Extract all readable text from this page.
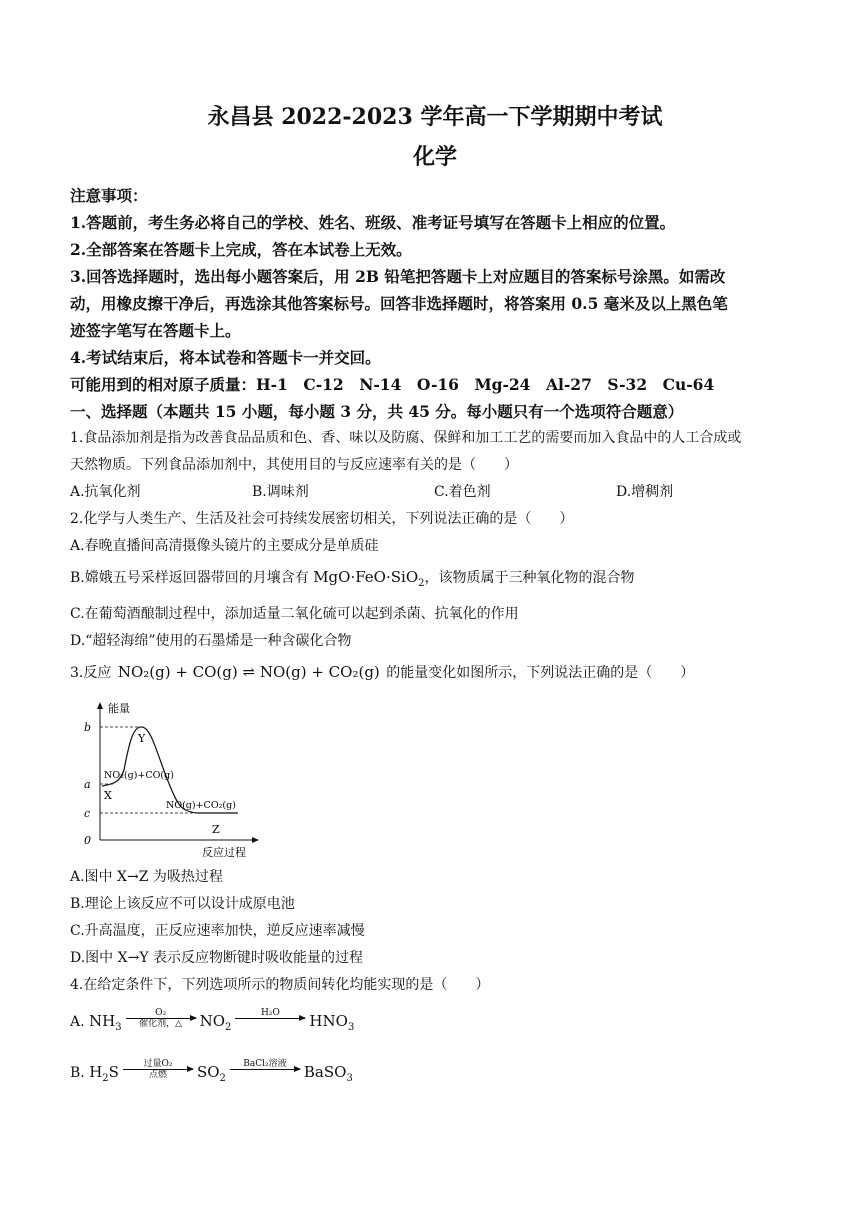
永昌县 2022-2023 学年高一下学期期中考试

化学

注意事项：

1.答题前，考生务必将自己的学校、姓名、班级、准考证号填写在答题卡上相应的位置。

2.全部答案在答题卡上完成，答在本试卷上无效。

3.回答选择题时，选出每小题答案后，用 2B 铅笔把答题卡上对应题目的答案标号涂黑。如需改

动，用橡皮擦干净后，再选涂其他答案标号。回答非选择题时，将答案用 0.5 毫米及以上黑色笔

迹签字笔写在答题卡上。

4.考试结束后，将本试卷和答题卡一并交回。

可能用到的相对原子质量：H-1　C-12　N-14　O-16　Mg-24　Al-27　S-32　Cu-64

一、选择题（本题共 15 小题，每小题 3 分，共 45 分。每小题只有一个选项符合题意）

1.食品添加剂是指为改善食品品质和色、香、味以及防腐、保鲜和加工工艺的需要而加入食品中的人工合成或

天然物质。下列食品添加剂中，其使用目的与反应速率有关的是（　　）

A.抗氧化剂	B.调味剂	C.着色剂	D.增稠剂

2.化学与人类生产、生活及社会可持续发展密切相关，下列说法正确的是（　　）

A.春晚直播间高清摄像头镜片的主要成分是单质硅

B.嫦娥五号采样返回器带回的月壤含有 MgO·FeO·SiO$_2$，该物质属于三种氧化物的混合物

C.在葡萄酒酿制过程中，添加适量二氧化硫可以起到杀菌、抗氧化的作用

D.“超轻海绵”使用的石墨烯是一种含碳化合物

3.反应 NO₂(g) + CO(g) ⇌ NO(g) + CO₂(g) 的能量变化如图所示，下列说法正确的是（　　）

b
a
c
0
能量
Y
NO₂(g)+CO(g)
X
NO(g)+CO₂(g)
Z
反应过程

A.图中 X→Z 为吸热过程

B.理论上该反应不可以设计成原电池

C.升高温度，正反应速率加快，逆反应速率减慢

D.图中 X→Y 表示反应物断键时吸收能量的过程

4.在给定条件下，下列选项所示的物质间转化均能实现的是（　　）

A. $NH_3$
O₂
催化剂，△ $NO_2$
H₂O
$HNO_3$

B. $H_2S$	过量O₂
点燃 $SO_2$
BaCl₂溶液
BaSO$_3$
